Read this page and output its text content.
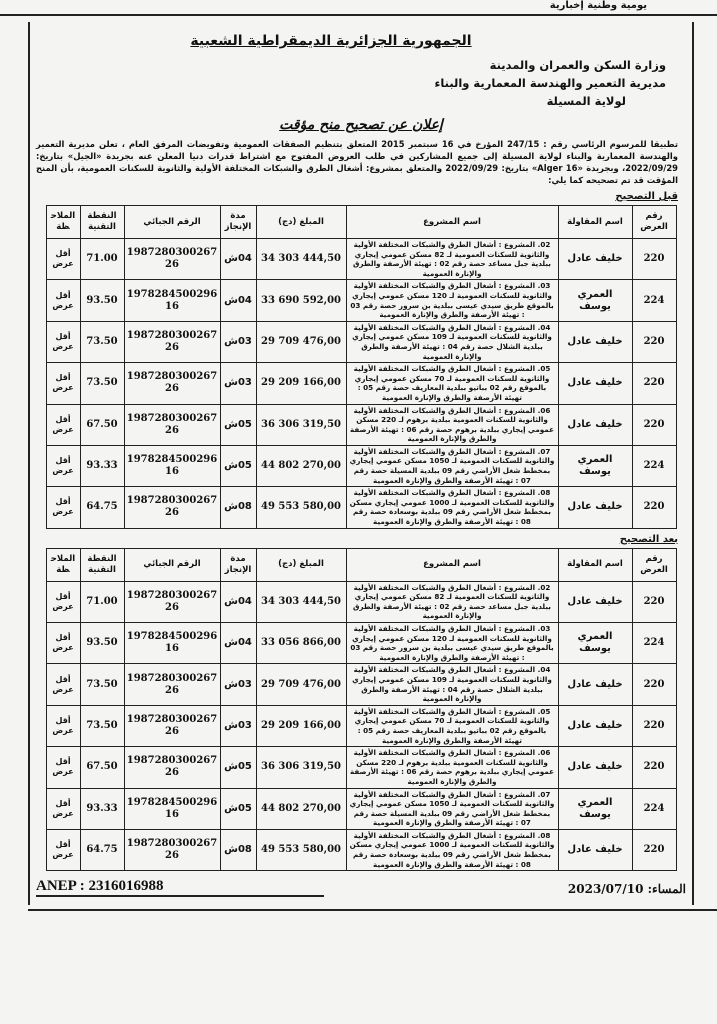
يومية وطنية إخبارية
الجمهورية الجزائرية الديمقراطية الشعبية
وزارة السكن والعمران والمدينة
مديرية التعمير والهندسة المعمارية والبناء
لولاية المسيلة
إعلان عن تصحيح منح مؤقت
تطبيقا للمرسوم الرئاسي رقم : 247/15 المؤرخ في 16 سبتمبر 2015 المتعلق بتنظيم الصفقات العمومية وتفويضات المرفق العام ، تعلن مديرية التعمير والهندسة المعمارية والبناء لولاية المسيلة إلى جميع المشاركين في طلب العروض المفتوح مع اشتراط قدرات دنيا المعلن عنه بجريدة «الجيل» بتاريخ: 2022/09/29، وبجريدة «Alger 16» بتاريخ: 2022/09/29 والمتعلق بمشروع: أشغال الطرق والشبكات المختلفة الأولية والثانوية للسكنات العمومية، بأن المنح المؤقت قد تم تصحيحه كما يلي:
قبل التصحيح
رقم العرض	اسم المقاولة	اسم المشروع	المبلغ (دج)	مدة الإنجاز	الرقم الجبائي	النقطة التقنية	الملاحظة
220	خليف عادل	02. المشروع : أشغال الطرق والشبكات المختلفة الأولية والثانوية للسكنات العمومية لـ 82 مسكن عمومي إيجاري ببلدية جبل مساعد حصة رقم 02 : تهيئة الأرصفة والطرق والإنارة العمومية	34 303 444,50	04ش	198728030026726	71.00	أقل عرض
224	العمري يوسف	03. المشروع : أشغال الطرق والشبكات المختلفة الأولية والثانوية للسكنات العمومية لـ 120 مسكن عمومي إيجاري بالموقع طريق سيدي عيسى ببلدية بن سرور حصة رقم 03 : تهيئة الأرصفة والطرق والإنارة العمومية	33 690 592,00	04ش	197828450029616	93.50	أقل عرض
220	خليف عادل	04. المشروع : أشغال الطرق والشبكات المختلفة الأولية والثانوية للسكنات العمومية لـ 109 مسكن عمومي إيجاري ببلدية الشلال حصة رقم 04 : تهيئة الأرصفة والطرق والإنارة العمومية	29 709 476,00	03ش	198728030026726	73.50	أقل عرض
220	خليف عادل	05. المشروع : أشغال الطرق والشبكات المختلفة الأولية والثانوية للسكنات العمومية لـ 70 مسكن عمومي إيجاري بالموقع رقم 02 بباتيو ببلدية المعاريف حصة رقم 05 : تهيئة الأرصفة والطرق والإنارة العمومية	29 209 166,00	03ش	198728030026726	73.50	أقل عرض
220	خليف عادل	06. المشروع : أشغال الطرق والشبكات المختلفة الأولية والثانوية للسكنات العمومية ببلدية برهوم لـ 220 مسكن عمومي إيجاري ببلدية برهوم حصة رقم 06 : تهيئة الأرصفة والطرق والإنارة العمومية	36 306 319,50	05ش	198728030026726	67.50	أقل عرض
224	العمري يوسف	07. المشروع : أشغال الطرق والشبكات المختلفة الأولية والثانوية للسكنات العمومية لـ 1050 مسكن عمومي إيجاري بمخطط شغل الأراضي رقم 09 ببلدية المسيلة حصة رقم 07 : تهيئة الأرصفة والطرق والإنارة العمومية	44 802 270,00	05ش	197828450029616	93.33	أقل عرض
220	خليف عادل	08. المشروع : أشغال الطرق والشبكات المختلفة الأولية والثانوية للسكنات العمومية لـ 1000 عمومي إيجاري مسكن بمخطط شغل الأراضي رقم 09 ببلدية بوسعادة حصة رقم 08 : تهيئة الأرصفة والطرق والإنارة العمومية	49 553 580,00	08ش	198728030026726	64.75	أقل عرض
بعد التصحيح
رقم العرض	اسم المقاولة	اسم المشروع	المبلغ (دج)	مدة الإنجاز	الرقم الجبائي	النقطة التقنية	الملاحظة
220	خليف عادل	02. المشروع : أشغال الطرق والشبكات المختلفة الأولية والثانوية للسكنات العمومية لـ 82 مسكن عمومي إيجاري ببلدية جبل مساعد حصة رقم 02 : تهيئة الأرصفة والطرق والإنارة العمومية	34 303 444,50	04ش	198728030026726	71.00	أقل عرض
224	العمري يوسف	03. المشروع : أشغال الطرق والشبكات المختلفة الأولية والثانوية للسكنات العمومية لـ 120 مسكن عمومي إيجاري بالموقع طريق سيدي عيسى ببلدية بن سرور حصة رقم 03 : تهيئة الأرصفة والطرق والإنارة العمومية	33 056 866,00	04ش	197828450029616	93.50	أقل عرض
220	خليف عادل	04. المشروع : أشغال الطرق والشبكات المختلفة الأولية والثانوية للسكنات العمومية لـ 109 مسكن عمومي إيجاري ببلدية الشلال حصة رقم 04 : تهيئة الأرصفة والطرق والإنارة العمومية	29 709 476,00	03ش	198728030026726	73.50	أقل عرض
220	خليف عادل	05. المشروع : أشغال الطرق والشبكات المختلفة الأولية والثانوية للسكنات العمومية لـ 70 مسكن عمومي إيجاري بالموقع رقم 02 بباتيو ببلدية المعاريف حصة رقم 05 : تهيئة الأرصفة والطرق والإنارة العمومية	29 209 166,00	03ش	198728030026726	73.50	أقل عرض
220	خليف عادل	06. المشروع : أشغال الطرق والشبكات المختلفة الأولية والثانوية للسكنات العمومية ببلدية برهوم لـ 220 مسكن عمومي إيجاري ببلدية برهوم حصة رقم 06 : تهيئة الأرصفة والطرق والإنارة العمومية	36 306 319,50	05ش	198728030026726	67.50	أقل عرض
224	العمري يوسف	07. المشروع : أشغال الطرق والشبكات المختلفة الأولية والثانوية للسكنات العمومية لـ 1050 مسكن عمومي إيجاري بمخطط شغل الأراضي رقم 09 ببلدية المسيلة حصة رقم 07 : تهيئة الأرصفة والطرق والإنارة العمومية	44 802 270,00	05ش	197828450029616	93.33	أقل عرض
220	خليف عادل	08. المشروع : أشغال الطرق والشبكات المختلفة الأولية والثانوية للسكنات العمومية لـ 1000 عمومي إيجاري مسكن بمخطط شغل الأراضي رقم 09 ببلدية بوسعادة حصة رقم 08 : تهيئة الأرصفة والطرق والإنارة العمومية	49 553 580,00	08ش	198728030026726	64.75	أقل عرض
ANEP : 2316016988	المساء: 2023/07/10
